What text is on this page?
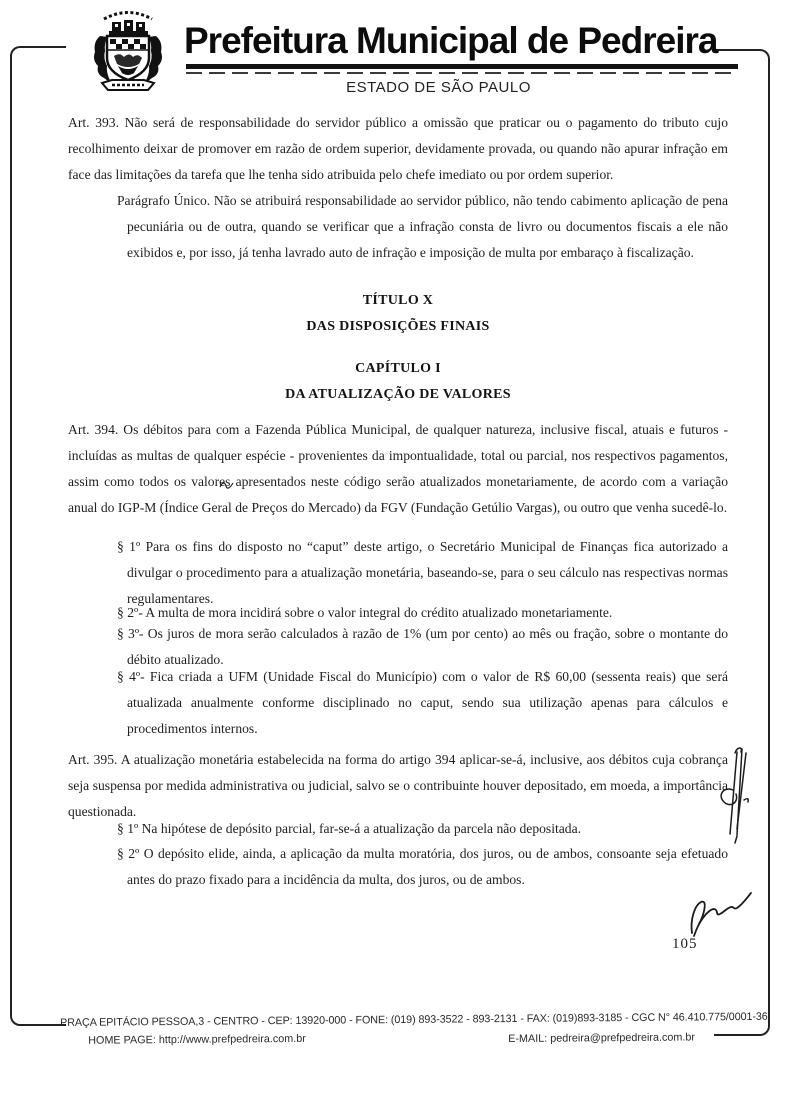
Prefeitura Municipal de Pedreira
ESTADO DE SÃO PAULO

Art. 393. Não será de responsabilidade do servidor público a omissão que praticar ou o pagamento do tributo cujo recolhimento deixar de promover em razão de ordem superior, devidamente provada, ou quando não apurar infração em face das limitações da tarefa que lhe tenha sido atribuida pelo chefe imediato ou por ordem superior.

Parágrafo Único. Não se atribuirá responsabilidade ao servidor público, não tendo cabimento aplicação de pena pecuniária ou de outra, quando se verificar que a infração consta de livro ou documentos fiscais a ele não exibidos e, por isso, já tenha lavrado auto de infração e imposição de multa por embaraço à fiscalização.

TÍTULO X
DAS DISPOSIÇÕES FINAIS
CAPÍTULO I
DA ATUALIZAÇÃO DE VALORES

Art. 394. Os débitos para com a Fazenda Pública Municipal, de qualquer natureza, inclusive fiscal, atuais e futuros - incluídas as multas de qualquer espécie - provenientes da impontualidade, total ou parcial, nos respectivos pagamentos, assim como todos os valores apresentados neste código serão atualizados monetariamente, de acordo com a variação anual do IGP-M (Índice Geral de Preços do Mercado) da FGV (Fundação Getúlio Vargas), ou outro que venha sucedê-lo.

§ 1º Para os fins do disposto no “caput” deste artigo, o Secretário Municipal de Finanças fica autorizado a divulgar o procedimento para a atualização monetária, baseando-se, para o seu cálculo nas respectivas normas regulamentares.

§ 2º- A multa de mora incidirá sobre o valor integral do crédito atualizado monetariamente.

§ 3º- Os juros de mora serão calculados à razão de 1% (um por cento) ao mês ou fração, sobre o montante do débito atualizado.

§ 4º- Fica criada a UFM (Unidade Fiscal do Município) com o valor de R$ 60,00 (sessenta reais) que será atualizada anualmente conforme disciplinado no caput, sendo sua utilização apenas para cálculos e procedimentos internos.

Art. 395. A atualização monetária estabelecida na forma do artigo 394 aplicar-se-á, inclusive, aos débitos cuja cobrança seja suspensa por medida administrativa ou judicial, salvo se o contribuinte houver depositado, em moeda, a importância questionada.

§ 1º Na hipótese de depósito parcial, far-se-á a atualização da parcela não depositada.

§ 2º O depósito elide, ainda, a aplicação da multa moratória, dos juros, ou de ambos, consoante seja efetuado antes do prazo fixado para a incidência da multa, dos juros, ou de ambos.

105
PRAÇA EPITÁCIO PESSOA,3 - CENTRO - CEP: 13920-000 - FONE: (019) 893-3522 - 893-2131 - FAX: (019)893-3185 - CGC N° 46.410.775/0001-36
HOME PAGE: http://www.prefpedreira.com.br	E-MAIL: pedreira@prefpedreira.com.br
